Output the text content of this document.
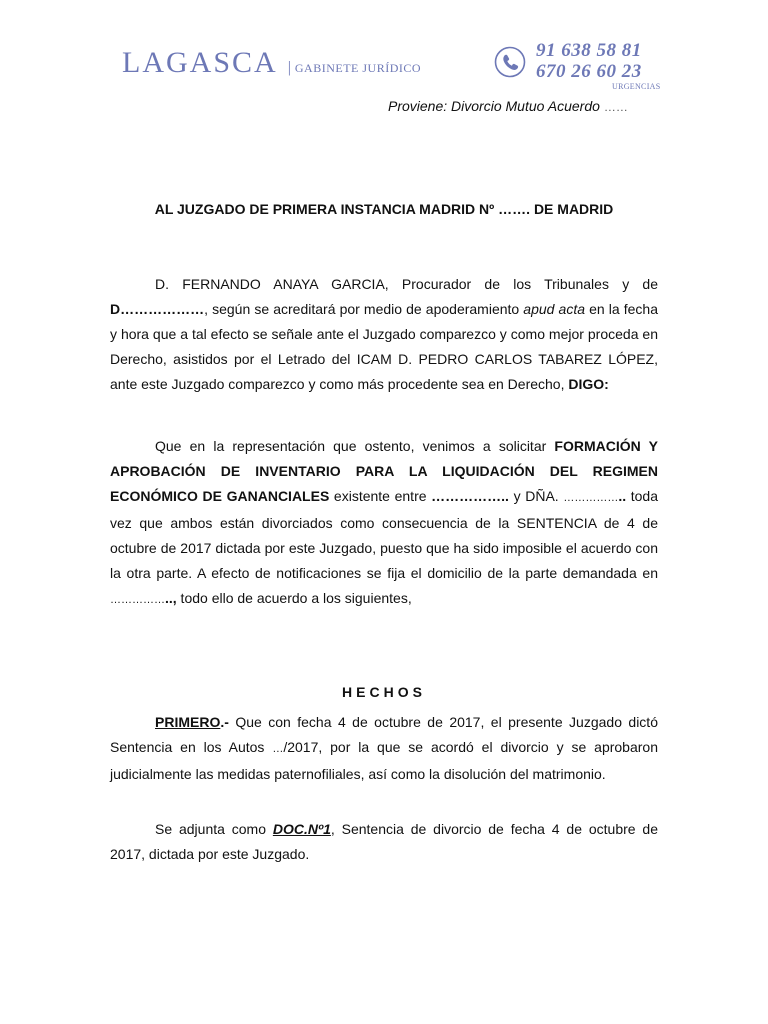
LAGASCA | GABINETE JURÍDICO
91 638 58 81
670 26 60 23
URGENCIAS
Proviene: Divorcio Mutuo Acuerdo ……
AL JUZGADO DE PRIMERA INSTANCIA MADRID Nº ……. DE MADRID

D. FERNANDO ANAYA GARCIA, Procurador de los Tribunales y de D………………, según se acreditará por medio de apoderamiento apud acta en la fecha y hora que a tal efecto se señale ante el Juzgado comparezco y como mejor proceda en Derecho, asistidos por el Letrado del ICAM D. PEDRO CARLOS TABAREZ LÓPEZ, ante este Juzgado comparezco y como más procedente sea en Derecho, DIGO:

Que en la representación que ostento, venimos a solicitar FORMACIÓN Y APROBACIÓN DE INVENTARIO PARA LA LIQUIDACIÓN DEL REGIMEN ECONÓMICO DE GANANCIALES existente entre …………….. y DÑA. …………….. toda vez que ambos están divorciados como consecuencia de la SENTENCIA de 4 de octubre de 2017 dictada por este Juzgado, puesto que ha sido imposible el acuerdo con la otra parte. A efecto de notificaciones se fija el domicilio de la parte demandada en …………….., todo ello de acuerdo a los siguientes,

HECHOS

PRIMERO.- Que con fecha 4 de octubre de 2017, el presente Juzgado dictó Sentencia en los Autos …/2017, por la que se acordó el divorcio y se aprobaron judicialmente las medidas paternofiliales, así como la disolución del matrimonio.

Se adjunta como DOC.Nº1, Sentencia de divorcio de fecha 4 de octubre de 2017, dictada por este Juzgado.
